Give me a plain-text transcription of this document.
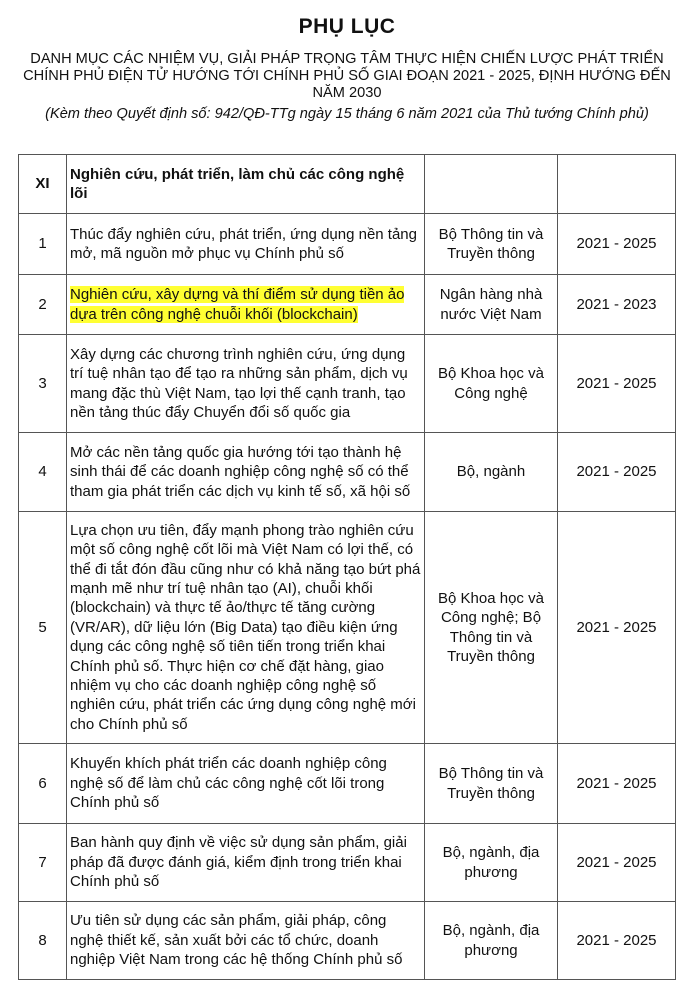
PHỤ LỤC
DANH MỤC CÁC NHIỆM VỤ, GIẢI PHÁP TRỌNG TÂM THỰC HIỆN CHIẾN LƯỢC PHÁT TRIỂN CHÍNH PHỦ ĐIỆN TỬ HƯỚNG TỚI CHÍNH PHỦ SỐ GIAI ĐOẠN 2021 - 2025, ĐỊNH HƯỚNG ĐẾN NĂM 2030
(Kèm theo Quyết định số: 942/QĐ-TTg ngày 15 tháng 6 năm 2021 của Thủ tướng Chính phủ)
XI	Nghiên cứu, phát triển, làm chủ các công nghệ lõi		
1	Thúc đẩy nghiên cứu, phát triển, ứng dụng nền tảng mở, mã nguồn mở phục vụ Chính phủ số	Bộ Thông tin và Truyền thông	2021 - 2025
2	Nghiên cứu, xây dựng và thí điểm sử dụng tiền ảo dựa trên công nghệ chuỗi khối (blockchain)	Ngân hàng nhà nước Việt Nam	2021 - 2023
3	Xây dựng các chương trình nghiên cứu, ứng dụng trí tuệ nhân tạo để tạo ra những sản phẩm, dịch vụ mang đặc thù Việt Nam, tạo lợi thế cạnh tranh, tạo nền tảng thúc đẩy Chuyển đổi số quốc gia	Bộ Khoa học và Công nghệ	2021 - 2025
4	Mở các nền tảng quốc gia hướng tới tạo thành hệ sinh thái để các doanh nghiệp công nghệ số có thể tham gia phát triển các dịch vụ kinh tế số, xã hội số	Bộ, ngành	2021 - 2025
5	Lựa chọn ưu tiên, đẩy mạnh phong trào nghiên cứu một số công nghệ cốt lõi mà Việt Nam có lợi thế, có thể đi tắt đón đầu cũng như có khả năng tạo bứt phá mạnh mẽ như trí tuệ nhân tạo (AI), chuỗi khối (blockchain) và thực tế ảo/thực tế tăng cường (VR/AR), dữ liệu lớn (Big Data) tạo điều kiện ứng dụng các công nghệ số tiên tiến trong triển khai Chính phủ số. Thực hiện cơ chế đặt hàng, giao nhiệm vụ cho các doanh nghiệp công nghệ số nghiên cứu, phát triển các ứng dụng công nghệ mới cho Chính phủ số	Bộ Khoa học và Công nghệ; Bộ Thông tin và Truyền thông	2021 - 2025
6	Khuyến khích phát triển các doanh nghiệp công nghệ số để làm chủ các công nghệ cốt lõi trong Chính phủ số	Bộ Thông tin và Truyền thông	2021 - 2025
7	Ban hành quy định về việc sử dụng sản phẩm, giải pháp đã được đánh giá, kiểm định trong triển khai Chính phủ số	Bộ, ngành, địa phương	2021 - 2025
8	Ưu tiên sử dụng các sản phẩm, giải pháp, công nghệ thiết kế, sản xuất bởi các tổ chức, doanh nghiệp Việt Nam trong các hệ thống Chính phủ số	Bộ, ngành, địa phương	2021 - 2025
